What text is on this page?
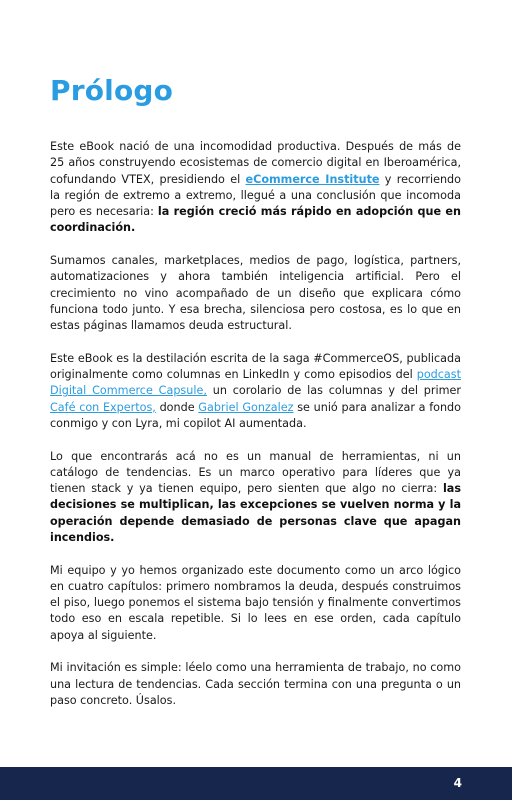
Prólogo

Este eBook nació de una incomodidad productiva. Después de más de 25 años construyendo ecosistemas de comercio digital en Iberoamérica, cofundando VTEX, presidiendo el eCommerce Institute y recorriendo la región de extremo a extremo, llegué a una conclusión que incomoda pero es necesaria: la región creció más rápido en adopción que en coordinación.

Sumamos canales, marketplaces, medios de pago, logística, partners, automatizaciones y ahora también inteligencia artificial. Pero el crecimiento no vino acompañado de un diseño que explicara cómo funciona todo junto. Y esa brecha, silenciosa pero costosa, es lo que en estas páginas llamamos deuda estructural.

Este eBook es la destilación escrita de la saga #CommerceOS, publicada originalmente como columnas en LinkedIn y como episodios del podcast Digital Commerce Capsule, un corolario de las columnas y del primer Café con Expertos, donde Gabriel Gonzalez se unió para analizar a fondo conmigo y con Lyra, mi copilot AI aumentada.

Lo que encontrarás acá no es un manual de herramientas, ni un catálogo de tendencias. Es un marco operativo para líderes que ya tienen stack y ya tienen equipo, pero sienten que algo no cierra: las decisiones se multiplican, las excepciones se vuelven norma y la operación depende demasiado de personas clave que apagan incendios.

Mi equipo y yo hemos organizado este documento como un arco lógico en cuatro capítulos: primero nombramos la deuda, después construimos el piso, luego ponemos el sistema bajo tensión y finalmente convertimos todo eso en escala repetible. Si lo lees en ese orden, cada capítulo apoya al siguiente.

Mi invitación es simple: léelo como una herramienta de trabajo, no como una lectura de tendencias. Cada sección termina con una pregunta o un paso concreto. Úsalos.

4
